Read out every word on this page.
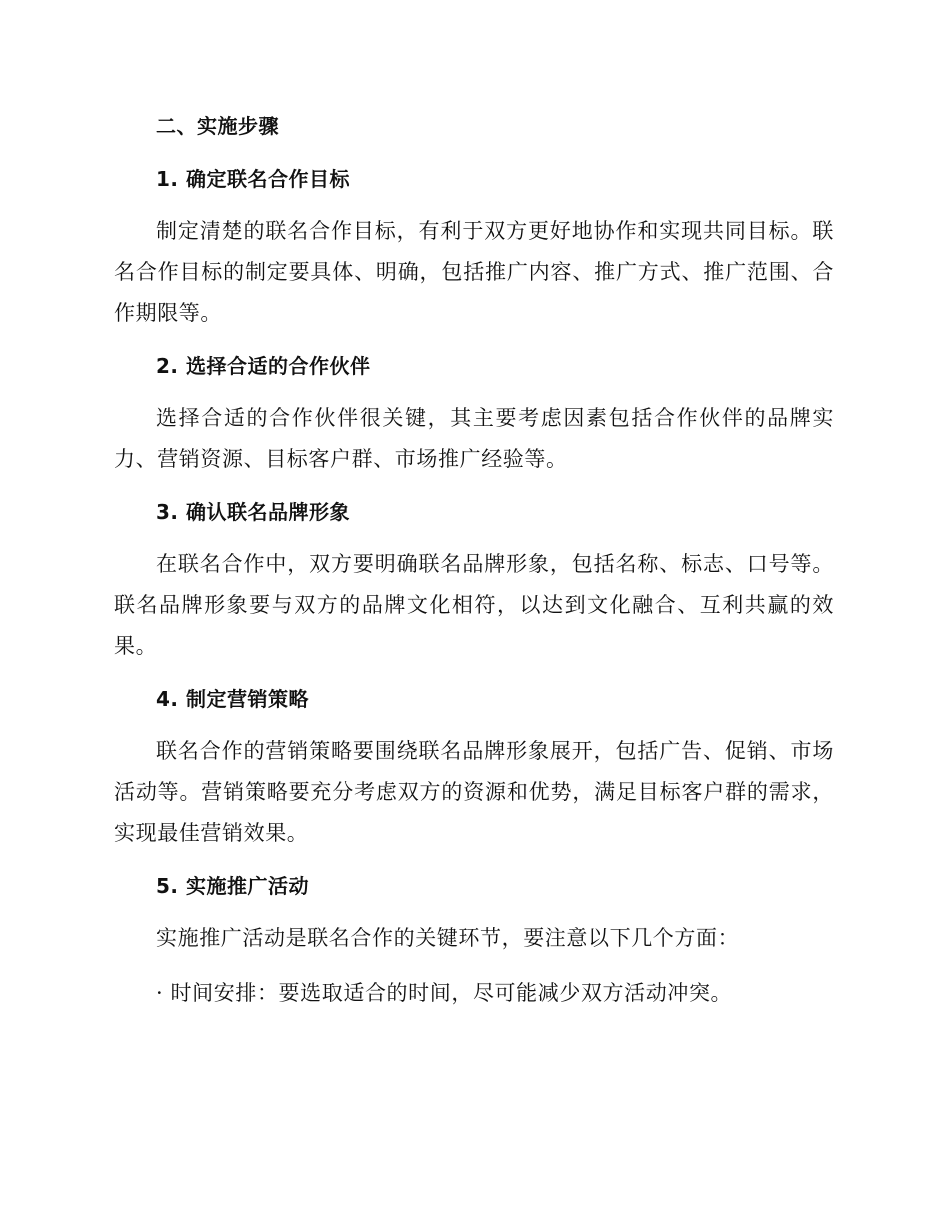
二、实施步骤
1. 确定联名合作目标

制定清楚的联名合作目标，有利于双方更好地协作和实现共同目标。联名合作目标的制定要具体、明确，包括推广内容、推广方式、推广范围、合作期限等。

2. 选择合适的合作伙伴

选择合适的合作伙伴很关键，其主要考虑因素包括合作伙伴的品牌实力、营销资源、目标客户群、市场推广经验等。

3. 确认联名品牌形象

在联名合作中，双方要明确联名品牌形象，包括名称、标志、口号等。联名品牌形象要与双方的品牌文化相符，以达到文化融合、互利共赢的效果。

4. 制定营销策略

联名合作的营销策略要围绕联名品牌形象展开，包括广告、促销、市场活动等。营销策略要充分考虑双方的资源和优势，满足目标客户群的需求，实现最佳营销效果。

5. 实施推广活动

实施推广活动是联名合作的关键环节，要注意以下几个方面：

· 时间安排：要选取适合的时间，尽可能减少双方活动冲突。
